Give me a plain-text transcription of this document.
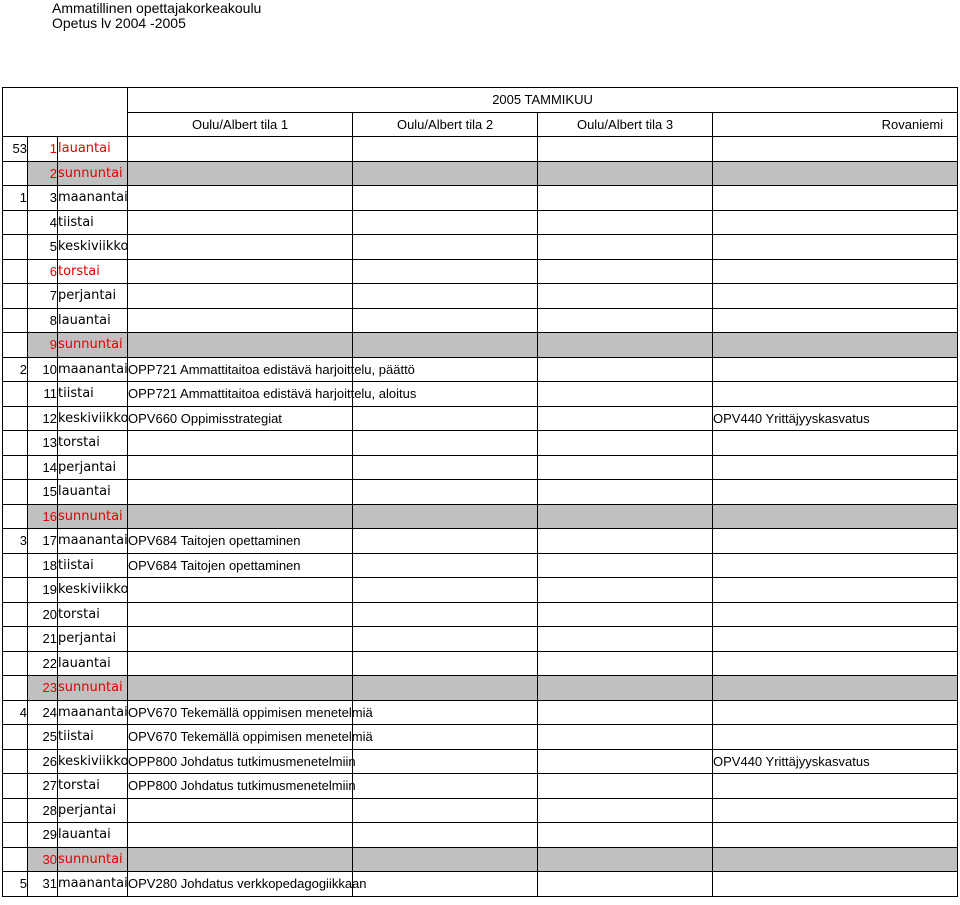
Ammatillinen opettajakorkeakoulu
Opetus lv 2004 -2005
			2005 TAMMIKUU			
			Oulu/Albert tila 1	Oulu/Albert tila 2	Oulu/Albert tila 3	Rovaniemi
53	1	lauantai				
	2	sunnuntai				
1	3	maanantai				
	4	tiistai				
	5	keskiviikko				
	6	torstai				
	7	perjantai				
	8	lauantai				
	9	sunnuntai				
2	10	maanantai	OPP721 Ammattitaitoa edistävä harjoittelu, päättö			
	11	tiistai	OPP721 Ammattitaitoa edistävä harjoittelu, aloitus			
	12	keskiviikko	OPV660 Oppimisstrategiat			OPV440 Yrittäjyyskasvatus
	13	torstai				
	14	perjantai				
	15	lauantai				
	16	sunnuntai				
3	17	maanantai	OPV684 Taitojen opettaminen			
	18	tiistai	OPV684 Taitojen opettaminen			
	19	keskiviikko				
	20	torstai				
	21	perjantai				
	22	lauantai				
	23	sunnuntai				
4	24	maanantai	OPV670 Tekemällä oppimisen menetelmiä			
	25	tiistai	OPV670 Tekemällä oppimisen menetelmiä			
	26	keskiviikko	OPP800 Johdatus tutkimusmenetelmiin			OPV440 Yrittäjyyskasvatus
	27	torstai	OPP800 Johdatus tutkimusmenetelmiin			
	28	perjantai				
	29	lauantai				
	30	sunnuntai				
5	31	maanantai	OPV280 Johdatus verkkopedagogiikkaan			
